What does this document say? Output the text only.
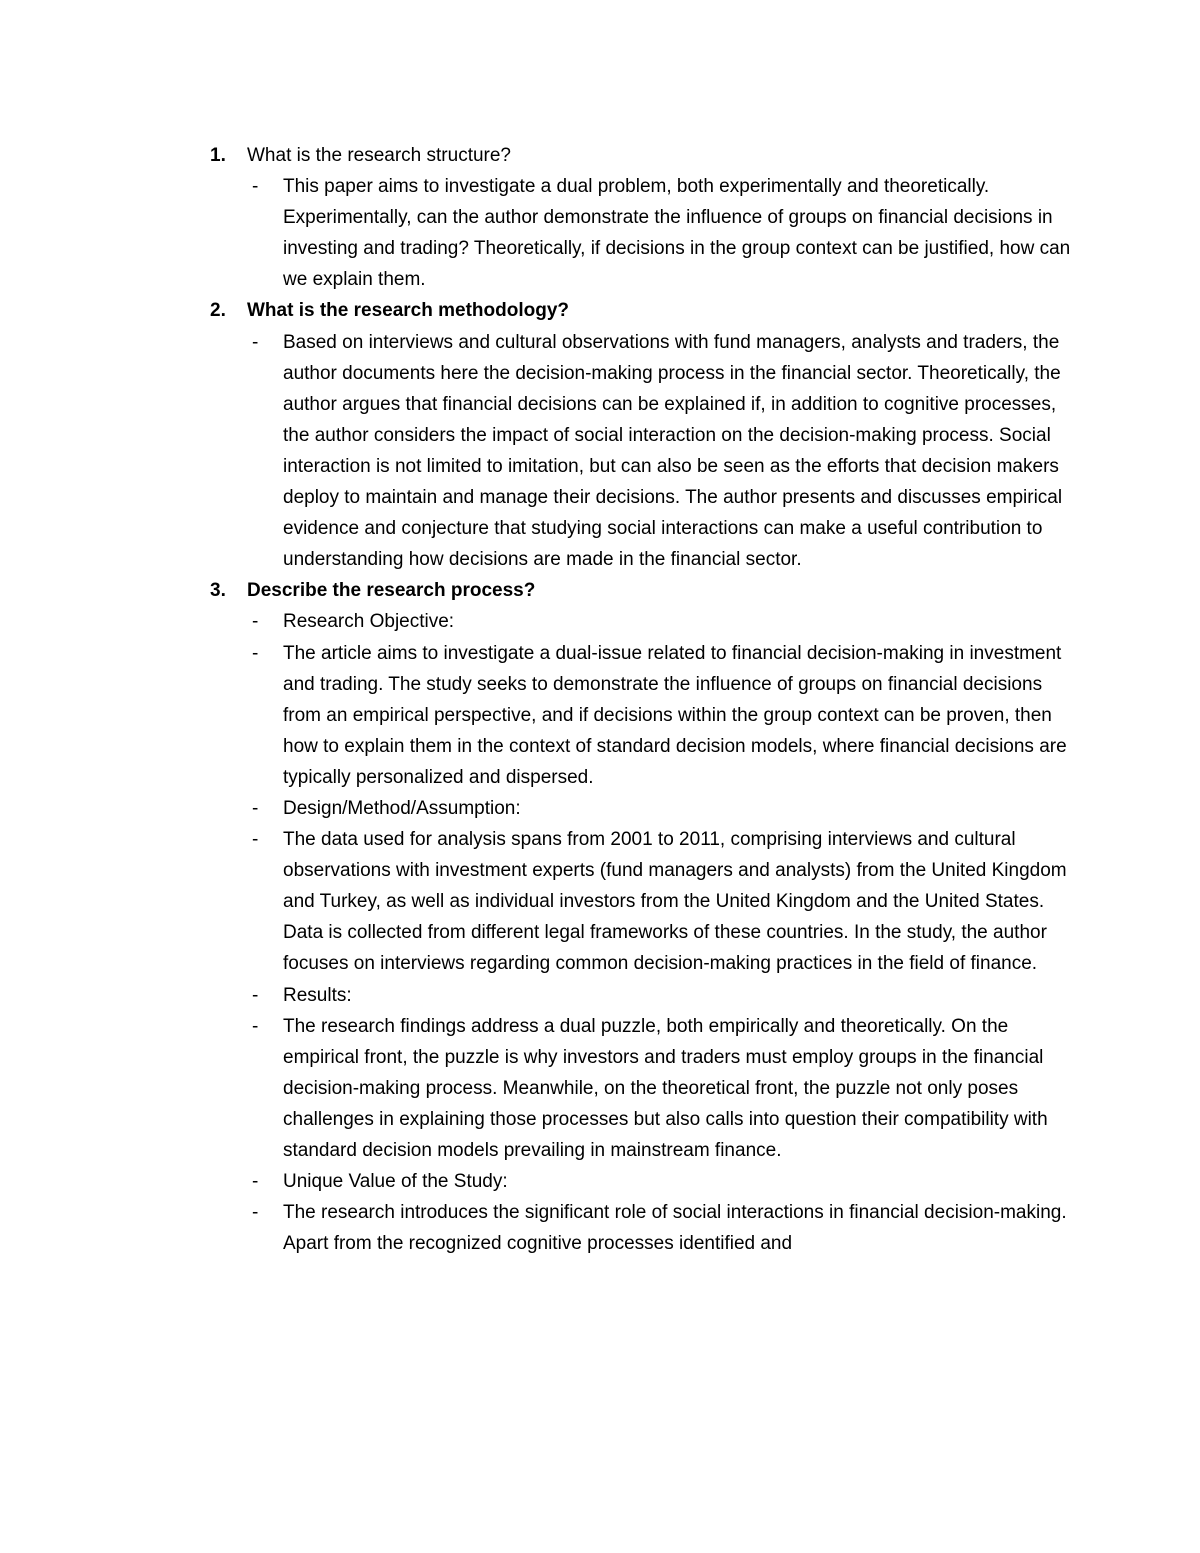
1. What is the research structure?
- This paper aims to investigate a dual problem, both experimentally and theoretically. Experimentally, can the author demonstrate the influence of groups on financial decisions in investing and trading? Theoretically, if decisions in the group context can be justified, how can we explain them.
2. What is the research methodology?
- Based on interviews and cultural observations with fund managers, analysts and traders, the author documents here the decision-making process in the financial sector. Theoretically, the author argues that financial decisions can be explained if, in addition to cognitive processes, the author considers the impact of social interaction on the decision-making process. Social interaction is not limited to imitation, but can also be seen as the efforts that decision makers deploy to maintain and manage their decisions. The author presents and discusses empirical evidence and conjecture that studying social interactions can make a useful contribution to understanding how decisions are made in the financial sector.
3. Describe the research process?
- Research Objective:
- The article aims to investigate a dual-issue related to financial decision-making in investment and trading. The study seeks to demonstrate the influence of groups on financial decisions from an empirical perspective, and if decisions within the group context can be proven, then how to explain them in the context of standard decision models, where financial decisions are typically personalized and dispersed.
- Design/Method/Assumption:
- The data used for analysis spans from 2001 to 2011, comprising interviews and cultural observations with investment experts (fund managers and analysts) from the United Kingdom and Turkey, as well as individual investors from the United Kingdom and the United States. Data is collected from different legal frameworks of these countries. In the study, the author focuses on interviews regarding common decision-making practices in the field of finance.
- Results:
- The research findings address a dual puzzle, both empirically and theoretically. On the empirical front, the puzzle is why investors and traders must employ groups in the financial decision-making process. Meanwhile, on the theoretical front, the puzzle not only poses challenges in explaining those processes but also calls into question their compatibility with standard decision models prevailing in mainstream finance.
- Unique Value of the Study:
- The research introduces the significant role of social interactions in financial decision-making. Apart from the recognized cognitive processes identified and
